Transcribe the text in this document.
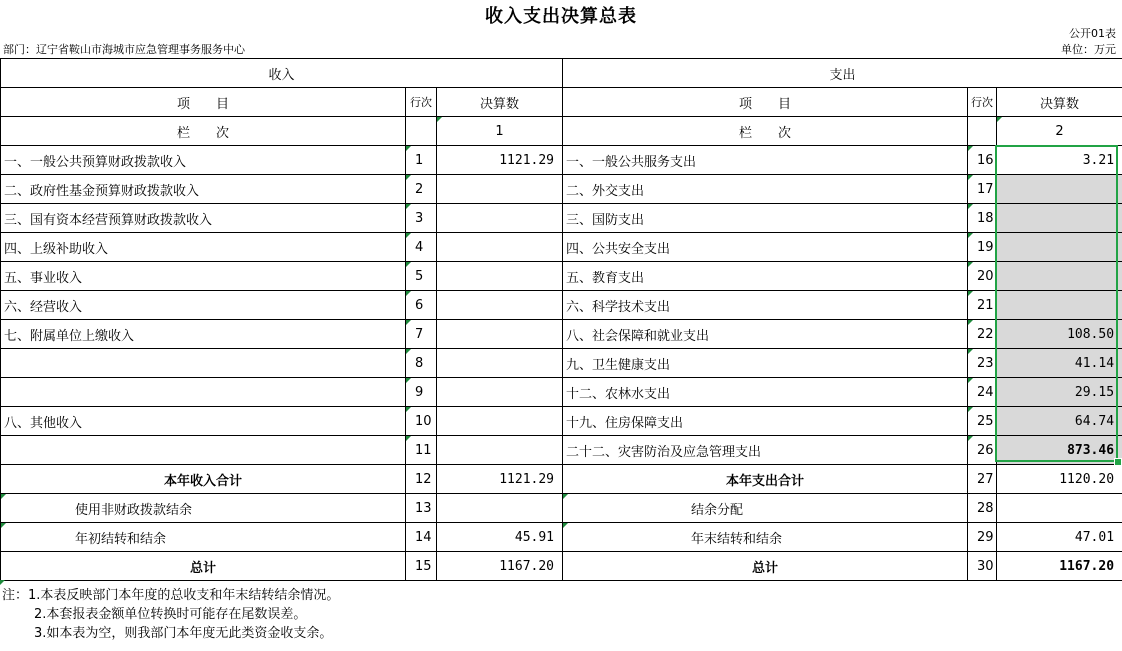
收入支出决算总表
公开01表
部门：辽宁省鞍山市海城市应急管理事务服务中心	单位：万元
收入			支出		
项　　目	行次	决算数	项　　目	行次	决算数
栏　　次		1	栏　　次		2
一、一般公共预算财政拨款收入	1	1121.29	一、一般公共服务支出	16	3.21
二、政府性基金预算财政拨款收入	2		二、外交支出	17	
三、国有资本经营预算财政拨款收入	3		三、国防支出	18	
四、上级补助收入	4		四、公共安全支出	19	
五、事业收入	5		五、教育支出	20	
六、经营收入	6		六、科学技术支出	21	
七、附属单位上缴收入	7		八、社会保障和就业支出	22	108.50
	8		九、卫生健康支出	23	41.14
	9		十二、农林水支出	24	29.15
八、其他收入	10		十九、住房保障支出	25	64.74
	11		二十二、灾害防治及应急管理支出	26	873.46
本年收入合计	12	1121.29	本年支出合计	27	1120.20
使用非财政拨款结余	13		结余分配	28	
年初结转和结余	14	45.91	年末结转和结余	29	47.01
总计	15	1167.20	总计	30	1167.20
注：1.本表反映部门本年度的总收支和年末结转结余情况。
2.本套报表金额单位转换时可能存在尾数误差。
3.如本表为空，则我部门本年度无此类资金收支余。
